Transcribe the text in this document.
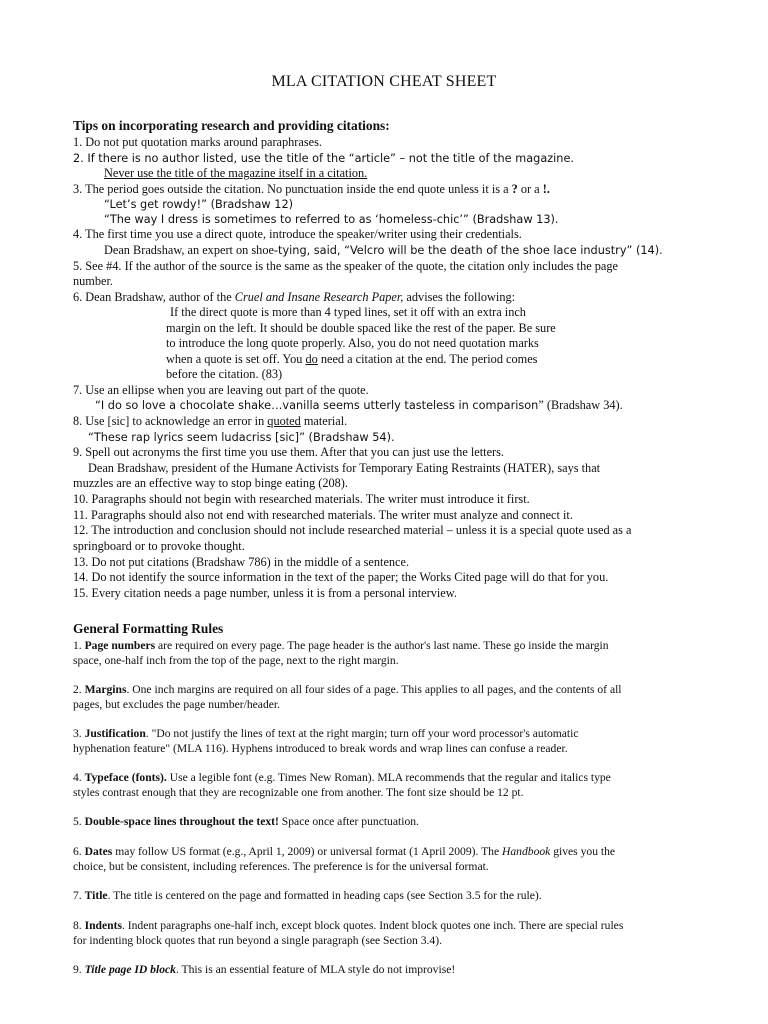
MLA CITATION CHEAT SHEET
Tips on incorporating research and providing citations:
1. Do not put quotation marks around paraphrases.
2. If there is no author listed, use the title of the “article” – not the title of the magazine.
Never use the title of the magazine itself in a citation.
3. The period goes outside the citation. No punctuation inside the end quote unless it is a ? or a !.
“Let’s get rowdy!” (Bradshaw 12)
“The way I dress is sometimes to referred to as ‘homeless-chic’” (Bradshaw 13).
4. The first time you use a direct quote, introduce the speaker/writer using their credentials.
Dean Bradshaw, an expert on shoe-tying, said, “Velcro will be the death of the shoe lace industry” (14).
5. See #4. If the author of the source is the same as the speaker of the quote, the citation only includes the page
number.
6. Dean Bradshaw, author of the Cruel and Insane Research Paper, advises the following:
If the direct quote is more than 4 typed lines, set it off with an extra inch
margin on the left. It should be double spaced like the rest of the paper. Be sure
to introduce the long quote properly. Also, you do not need quotation marks
when a quote is set off. You do need a citation at the end. The period comes
before the citation. (83)
7. Use an ellipse when you are leaving out part of the quote.
“I do so love a chocolate shake…vanilla seems utterly tasteless in comparison” (Bradshaw 34).
8. Use [sic] to acknowledge an error in quoted material.
“These rap lyrics seem ludacriss [sic]” (Bradshaw 54).
9. Spell out acronyms the first time you use them. After that you can just use the letters.
Dean Bradshaw, president of the Humane Activists for Temporary Eating Restraints (HATER), says that
muzzles are an effective way to stop binge eating (208).
10. Paragraphs should not begin with researched materials. The writer must introduce it first.
11. Paragraphs should also not end with researched materials. The writer must analyze and connect it.
12. The introduction and conclusion should not include researched material – unless it is a special quote used as a
springboard or to provoke thought.
13. Do not put citations (Bradshaw 786) in the middle of a sentence.
14. Do not identify the source information in the text of the paper; the Works Cited page will do that for you.
15. Every citation needs a page number, unless it is from a personal interview.
General Formatting Rules
1. Page numbers are required on every page. The page header is the author's last name. These go inside the margin
space, one-half inch from the top of the page, next to the right margin.
2. Margins. One inch margins are required on all four sides of a page. This applies to all pages, and the contents of all
pages, but excludes the page number/header.
3. Justification. "Do not justify the lines of text at the right margin; turn off your word processor's automatic
hyphenation feature" (MLA 116). Hyphens introduced to break words and wrap lines can confuse a reader.
4. Typeface (fonts). Use a legible font (e.g. Times New Roman). MLA recommends that the regular and italics type
styles contrast enough that they are recognizable one from another. The font size should be 12 pt.
5. Double-space lines throughout the text! Space once after punctuation.
6. Dates may follow US format (e.g., April 1, 2009) or universal format (1 April 2009). The Handbook gives you the
choice, but be consistent, including references. The preference is for the universal format.
7. Title. The title is centered on the page and formatted in heading caps (see Section 3.5 for the rule).
8. Indents. Indent paragraphs one-half inch, except block quotes. Indent block quotes one inch. There are special rules
for indenting block quotes that run beyond a single paragraph (see Section 3.4).
9. Title page ID block. This is an essential feature of MLA style do not improvise!
